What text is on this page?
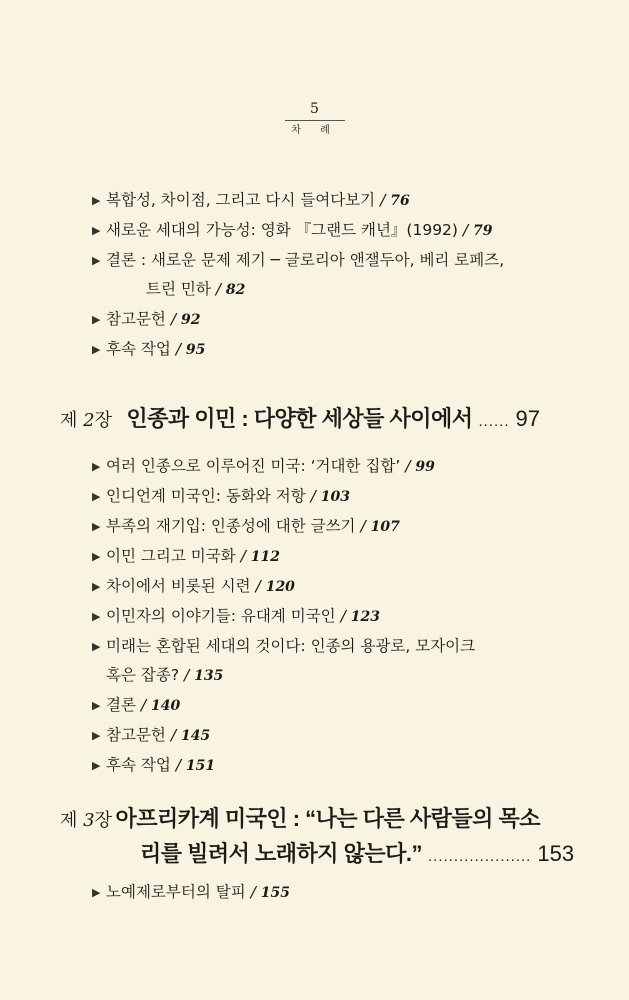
5
차 례
▶ 복합성, 차이점, 그리고 다시 들여다보기 / 76
▶ 새로운 세대의 가능성: 영화 『그랜드 캐년』(1992) / 79
▶ 결론 : 새로운 문제 제기 ─ 글로리아 앤잴두아, 베리 로페즈,
트린 민하 / 82
▶ 참고문헌 / 92
▶ 후속 작업 / 95
제 2장 인종과 이민 : 다양한 세상들 사이에서 ...... 97
▶ 여러 인종으로 이루어진 미국: ‘거대한 집합’ / 99
▶ 인디언계 미국인: 동화와 저항 / 103
▶ 부족의 재기입: 인종성에 대한 글쓰기 / 107
▶ 이민 그리고 미국화 / 112
▶ 차이에서 비롯된 시련 / 120
▶ 이민자의 이야기들: 유대계 미국인 / 123
▶ 미래는 혼합된 세대의 것이다: 인종의 용광로, 모자이크
혹은 잡종? / 135
▶ 결론 / 140
▶ 참고문헌 / 145
▶ 후속 작업 / 151
제 3장 아프리카계 미국인 : “나는 다른 사람들의 목소
리를 빌려서 노래하지 않는다.” .................... 153
▶ 노예제로부터의 탈피 / 155
